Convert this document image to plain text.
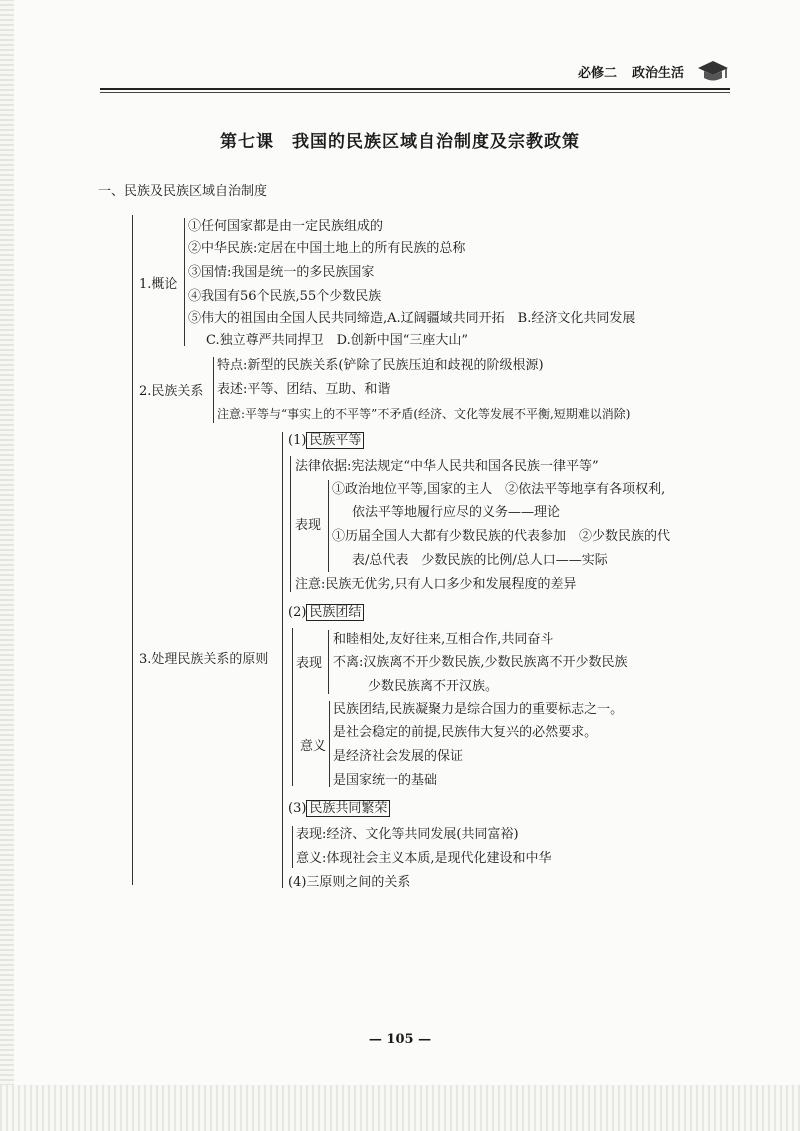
必修二 政治生活
第七课　我国的民族区域自治制度及宗教政策
一、民族及民族区域自治制度
1.概论
①任何国家都是由一定民族组成的
②中华民族:定居在中国土地上的所有民族的总称
③国情:我国是统一的多民族国家
④我国有56个民族,55个少数民族
⑤伟大的祖国由全国人民共同缔造,A.辽阔疆域共同开拓　B.经济文化共同发展
C.独立尊严共同捍卫　D.创新中国“三座大山”
2.民族关系
特点:新型的民族关系(铲除了民族压迫和歧视的阶级根源)
表述:平等、团结、互助、和谐
注意:平等与“事实上的不平等”不矛盾(经济、文化等发展不平衡,短期难以消除)
3.处理民族关系的原则
(1) 民族平等
法律依据:宪法规定“中华人民共和国各民族一律平等”
表现
①政治地位平等,国家的主人　②依法平等地享有各项权利,
依法平等地履行应尽的义务——理论
①历届全国人大都有少数民族的代表参加　②少数民族的代
表/总代表　少数民族的比例/总人口——实际
注意:民族无优劣,只有人口多少和发展程度的差异
(2) 民族团结
表现
和睦相处,友好往来,互相合作,共同奋斗
不离:汉族离不开少数民族,少数民族离不开少数民族
少数民族离不开汉族。
意义
民族团结,民族凝聚力是综合国力的重要标志之一。
是社会稳定的前提,民族伟大复兴的必然要求。
是经济社会发展的保证
是国家统一的基础
(3) 民族共同繁荣
表现:经济、文化等共同发展(共同富裕)
意义:体现社会主义本质,是现代化建设和中华
(4)三原则之间的关系
— 105 —
